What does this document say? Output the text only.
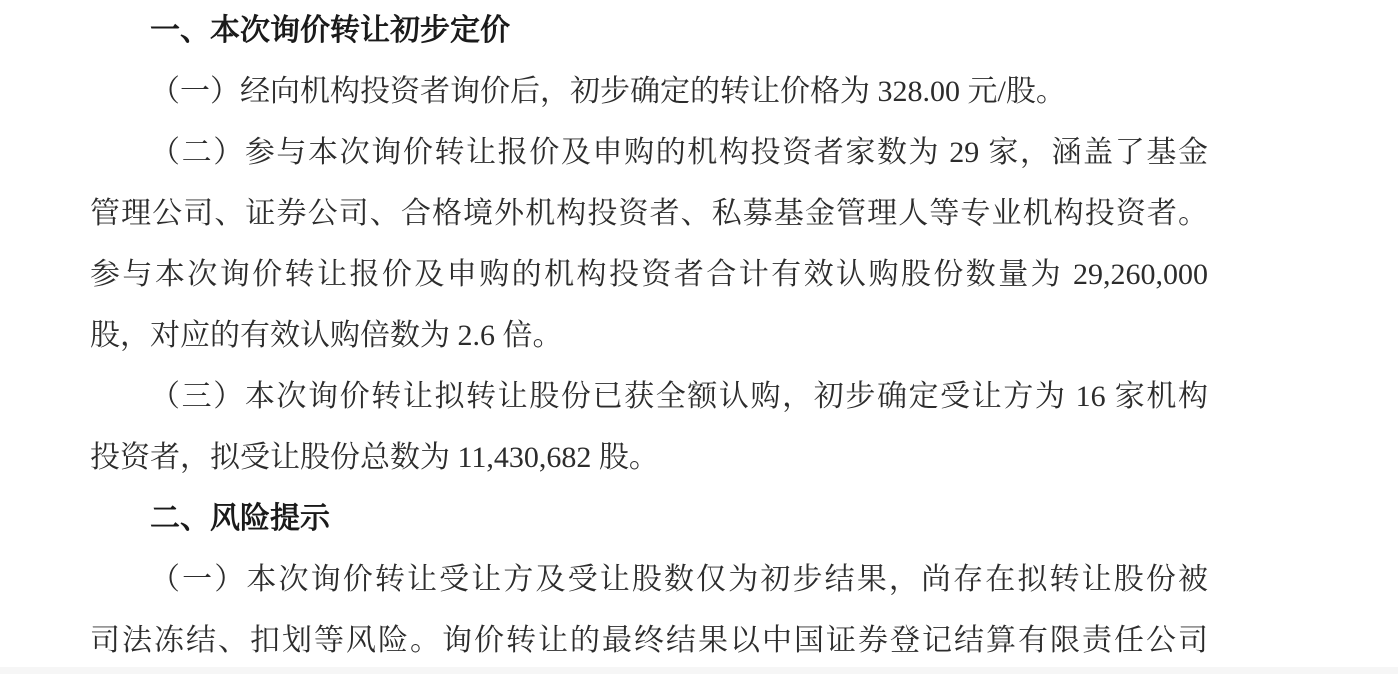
一、本次询价转让初步定价
（一）经向机构投资者询价后，初步确定的转让价格为 328.00 元/股。
（二）参与本次询价转让报价及申购的机构投资者家数为 29 家，涵盖了基金
管理公司、证券公司、合格境外机构投资者、私募基金管理人等专业机构投资者。
参与本次询价转让报价及申购的机构投资者合计有效认购股份数量为 29,260,000
股，对应的有效认购倍数为 2.6 倍。
（三）本次询价转让拟转让股份已获全额认购，初步确定受让方为 16 家机构
投资者，拟受让股份总数为 11,430,682 股。
二、风险提示
（一）本次询价转让受让方及受让股数仅为初步结果，尚存在拟转让股份被
司法冻结、扣划等风险。询价转让的最终结果以中国证券登记结算有限责任公司
